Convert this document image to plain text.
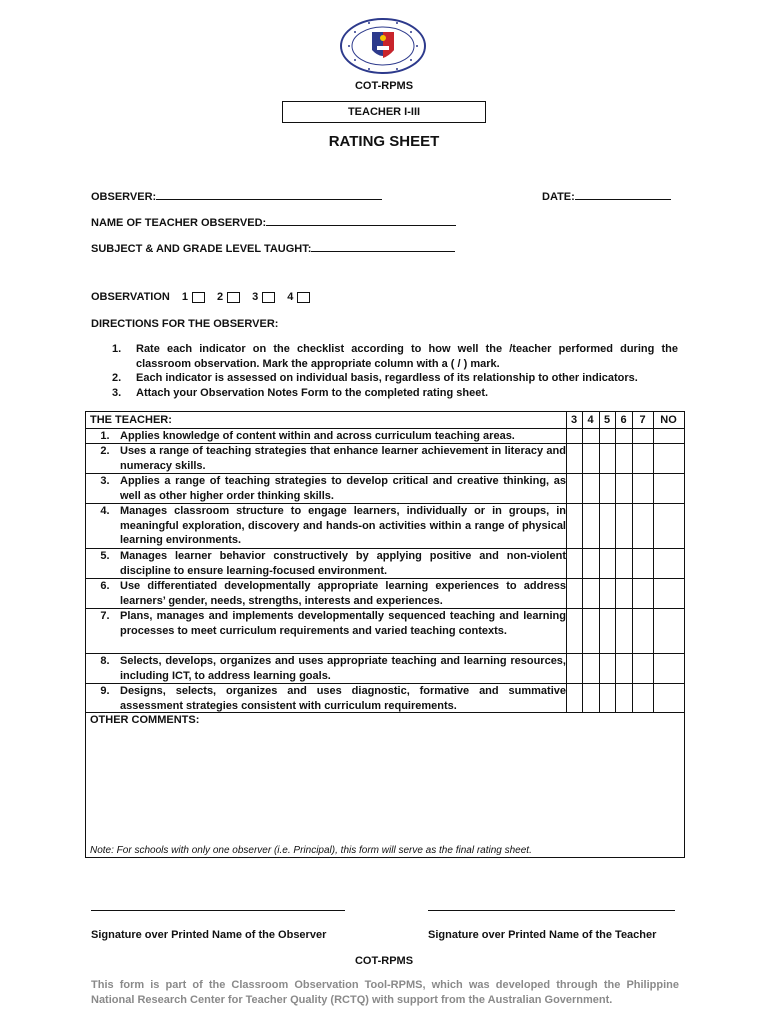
COT-RPMS
TEACHER I-III
RATING SHEET
OBSERVER:	DATE:
NAME OF TEACHER OBSERVED:
SUBJECT & AND GRADE LEVEL TAUGHT:
OBSERVATION 1	2	3	4
DIRECTIONS FOR THE OBSERVER:
1.	Rate each indicator on the checklist according to how well the /teacher performed during the classroom observation. Mark the appropriate column with a ( / ) mark.
2.	Each indicator is assessed on individual basis, regardless of its relationship to other indicators.
3.	Attach your Observation Notes Form to the completed rating sheet.
THE TEACHER:	3 4 5 6	7	NO
1. Applies knowledge of content within and across curriculum teaching areas.
2. Uses a range of teaching strategies that enhance learner achievement in literacy and numeracy skills.
3. Applies a range of teaching strategies to develop critical and creative thinking, as well as other higher order thinking skills.
4. Manages classroom structure to engage learners, individually or in groups, in meaningful exploration, discovery and hands-on activities within a range of physical learning environments.
5. Manages learner behavior constructively by applying positive and non-violent discipline to ensure learning-focused environment.
6. Use differentiated developmentally appropriate learning experiences to address learners’ gender, needs, strengths, interests and experiences.
7. Plans, manages and implements developmentally sequenced teaching and learning processes to meet curriculum requirements and varied teaching contexts.
8. Selects, develops, organizes and uses appropriate teaching and learning resources, including ICT, to address learning goals.
9. Designs, selects, organizes and uses diagnostic, formative and summative assessment strategies consistent with curriculum requirements.
OTHER COMMENTS:
Note: For schools with only one observer (i.e. Principal), this form will serve as the final rating sheet.
Signature over Printed Name of the Observer	Signature over Printed Name of the Teacher
COT-RPMS
This form is part of the Classroom Observation Tool-RPMS, which was developed through the Philippine National Research Center for Teacher Quality (RCTQ) with support from the Australian Government.
